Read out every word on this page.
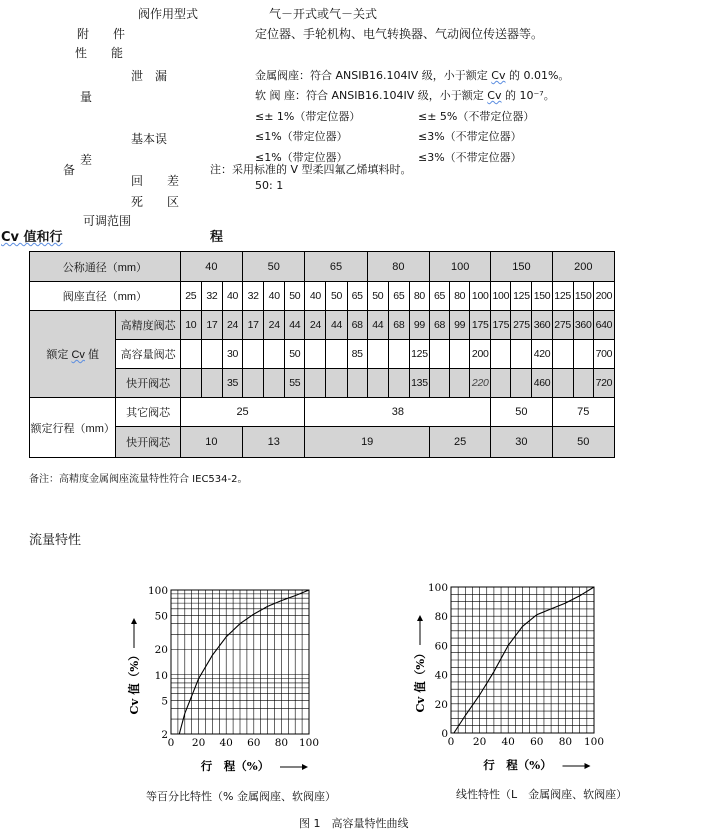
阀作用型式	气－开式或气－关式
附　　件	定位器、手轮机构、电气转换器、气动阀位传送器等。
性　　能
泄　漏	金属阀座：符合 ANSIB16.104IV 级，小于额定 Cv 的 0.01%。
量	软 阀 座：符合 ANSIB16.104IV 级，小于额定 Cv 的 10⁻⁷。
≤± 1%（带定位器）	≤± 5%（不带定位器）
基本误	≤1%（带定位器）	≤3%（不带定位器）
差	≤1%（带定位器）	≤3%（不带定位器）
备	注：采用标准的 V 型柔四氟乙烯填料时。
回　　差	50: 1
死　　区
可调范围
Cv 值和行	程
公称通径（mm）		40			50			65			80			100			150			200		
阀座直径（mm）		25	32	40	32	40	50	40	50	65	50	65	80	65	80	100	100	125	150	125	150	200
额定 Cv 值	高精度阀芯	10	17	24	17	24	44	24	44	68	44	68	99	68	99	175	175	275	360	275	360	640
	高容量阀芯			30			50			85			125			200			420			700
	快开阀芯			35			55						135			220			460			720
额定行程（mm）	其它阀芯	25						38									50			75		
	快开阀芯	10			13			19						25			30			50		
备注：高精度金属阀座流量特性符合 IEC534-2。
流量特性
0 20 40 60 80 100
2
5
10
20
50
100
行　程（%）
Cv 值（%）
0 20 40 60 80 100
0
20
40
60
80
100
行　程（%）
Cv 值（%）
等百分比特性（% 金属阀座、软阀座）	线性特性（L　金属阀座、软阀座）
图 1　高容量特性曲线
